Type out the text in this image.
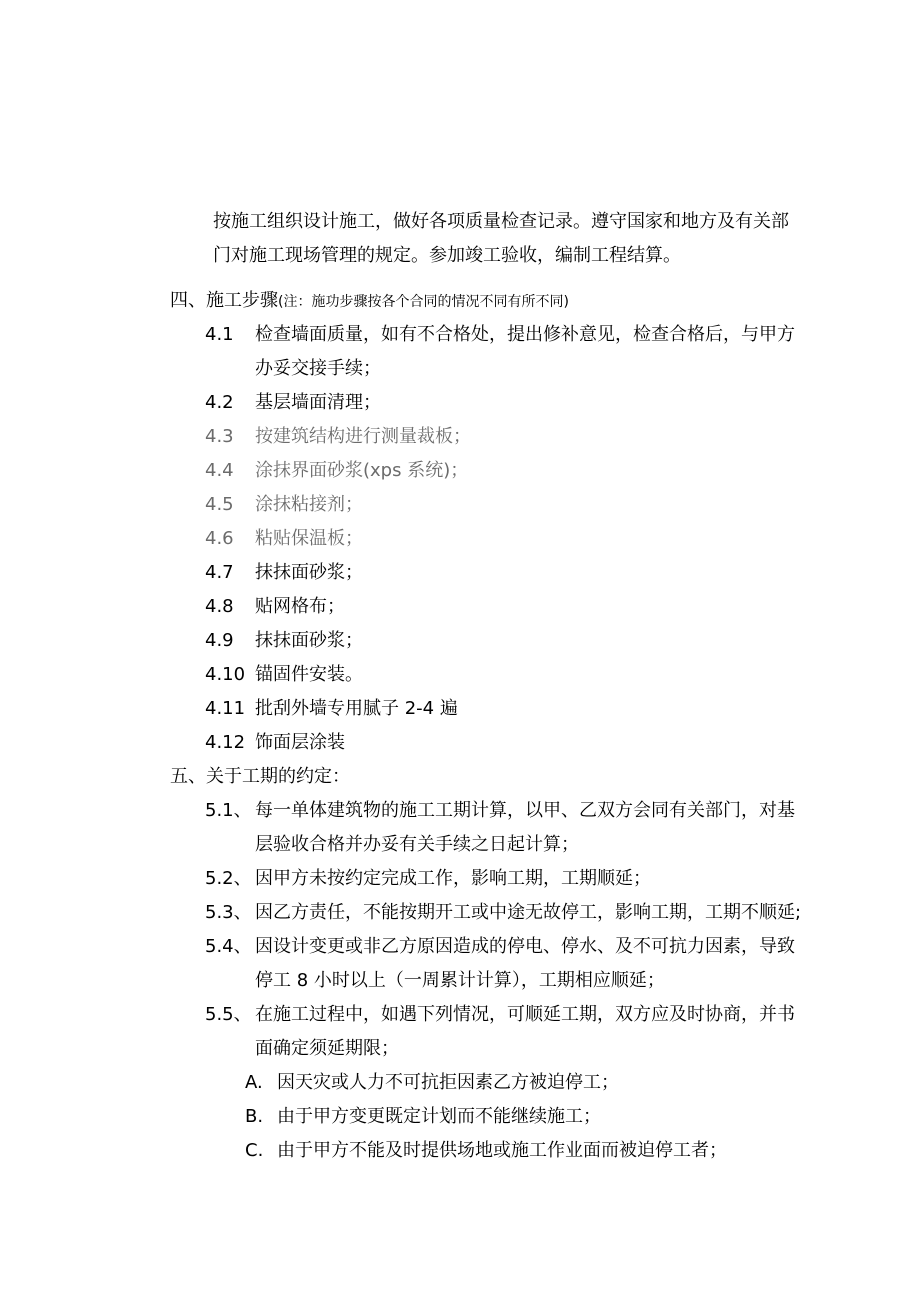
按施工组织设计施工，做好各项质量检查记录。遵守国家和地方及有关部
门对施工现场管理的规定。参加竣工验收，编制工程结算。
四、施工步骤(注：施功步骤按各个合同的情况不同有所不同)
4.1 检查墙面质量，如有不合格处，提出修补意见，检查合格后，与甲方
办妥交接手续；
4.2 基层墙面清理；
4.3 按建筑结构进行测量裁板；
4.4 涂抹界面砂浆(xps 系统)；
4.5 涂抹粘接剂；
4.6 粘贴保温板；
4.7 抹抹面砂浆；
4.8 贴网格布；
4.9 抹抹面砂浆；
4.10 锚固件安装。
4.11 批刮外墙专用腻子 2-4 遍
4.12 饰面层涂装
五、关于工期的约定：
5.1、 每一单体建筑物的施工工期计算，以甲、乙双方会同有关部门，对基
层验收合格并办妥有关手续之日起计算；
5.2、 因甲方未按约定完成工作，影响工期，工期顺延；
5.3、 因乙方责任，不能按期开工或中途无故停工，影响工期，工期不顺延;
5.4、 因设计变更或非乙方原因造成的停电、停水、及不可抗力因素，导致
停工 8 小时以上（一周累计计算），工期相应顺延；
5.5、 在施工过程中，如遇下列情况，可顺延工期，双方应及时协商，并书
面确定须延期限；
A. 因天灾或人力不可抗拒因素乙方被迫停工；
B. 由于甲方变更既定计划而不能继续施工；
C. 由于甲方不能及时提供场地或施工作业面而被迫停工者；
